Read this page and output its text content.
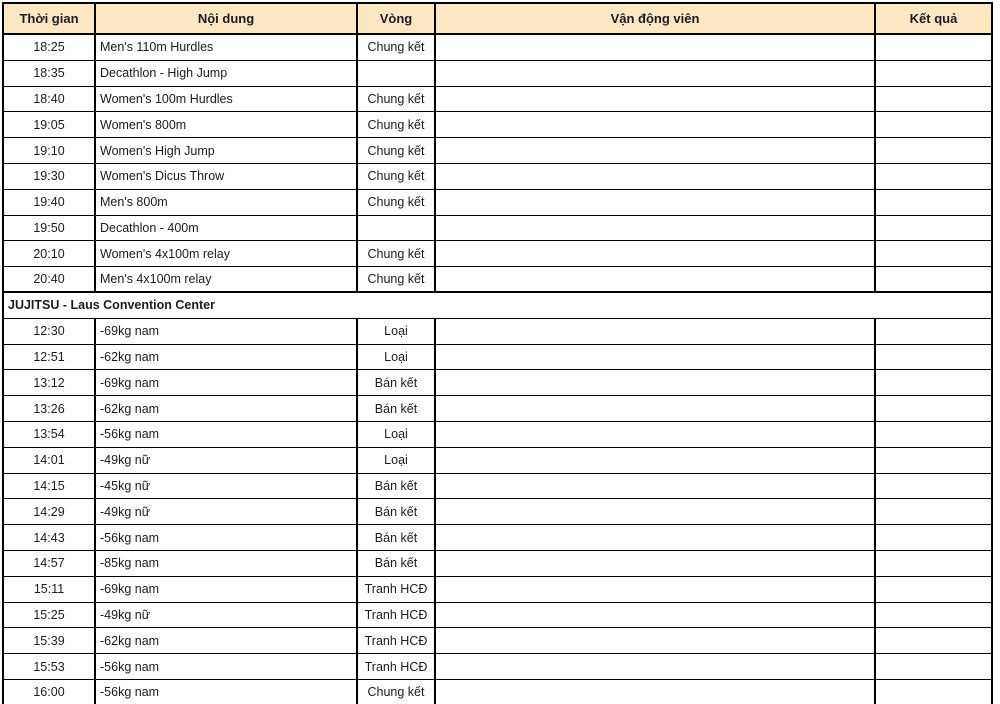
Thời gian	Nội dung	Vòng	Vận động viên	Kết quả
18:25	Men's 110m Hurdles	Chung kết
18:35	Decathlon - High Jump
18:40	Women's 100m Hurdles	Chung kết
19:05	Women's 800m	Chung kết
19:10	Women's High Jump	Chung kết
19:30	Women's Dicus Throw	Chung kết
19:40	Men's 800m	Chung kết
19:50	Decathlon - 400m
20:10	Women's 4x100m relay	Chung kết
20:40	Men's 4x100m relay	Chung kết
JUJITSU - Laus Convention Center
12:30	-69kg nam	Loại
12:51	-62kg nam	Loại
13:12	-69kg nam	Bán kết
13:26	-62kg nam	Bán kết
13:54	-56kg nam	Loại
14:01	-49kg nữ	Loại
14:15	-45kg nữ	Bán kết
14:29	-49kg nữ	Bán kết
14:43	-56kg nam	Bán kết
14:57	-85kg nam	Bán kết
15:11	-69kg nam	Tranh HCĐ
15:25	-49kg nữ	Tranh HCĐ
15:39	-62kg nam	Tranh HCĐ
15:53	-56kg nam	Tranh HCĐ
16:00	-56kg nam	Chung kết
